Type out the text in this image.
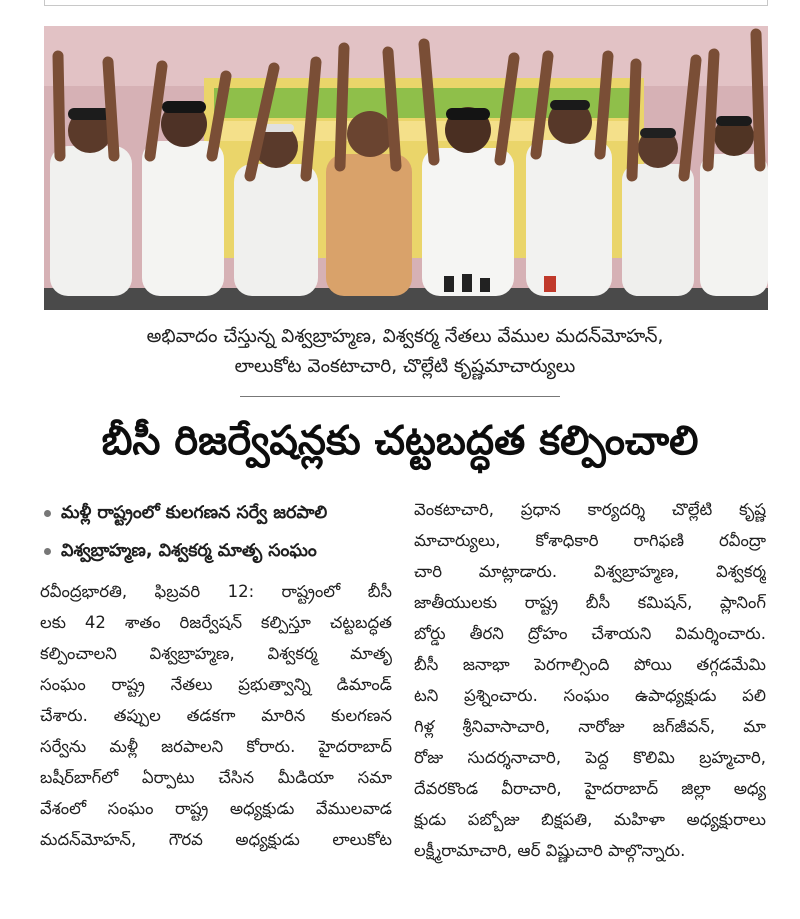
అభివాదం చేస్తున్న విశ్వబ్రాహ్మణ, విశ్వకర్మ నేతలు వేముల మదన్‌మోహన్,
లాలుకోట వెంకటాచారి, చొల్లేటి కృష్ణమాచార్యులు
బీసీ రిజర్వేషన్లకు చట్టబద్ధత కల్పించాలి
మళ్లీ రాష్ట్రంలో కులగణన సర్వే జరపాలి
విశ్వబ్రాహ్మణ, విశ్వకర్మ మాతృ సంఘం
రవీంద్రభారతి, ఫిబ్రవరి 12: రాష్ట్రంలో బీసీ
లకు 42 శాతం రిజర్వేషన్ కల్పిస్తూ చట్టబద్ధత
కల్పించాలని విశ్వబ్రాహ్మణ, విశ్వకర్మ మాతృ
సంఘం రాష్ట్ర నేతలు ప్రభుత్వాన్ని డిమాండ్
చేశారు. తప్పుల తడకగా మారిన కులగణన
సర్వేను మళ్లీ జరపాలని కోరారు. హైదరాబాద్
బషీర్‌బాగ్‌లో ఏర్పాటు చేసిన మీడియా సమా
వేశంలో సంఘం రాష్ట్ర అధ్యక్షుడు వేములవాడ
మదన్‌మోహన్, గౌరవ అధ్యక్షుడు లాలుకోట
వెంకటాచారి, ప్రధాన కార్యదర్శి చొల్లేటి కృష్ణ
మాచార్యులు, కోశాధికారి రాగిఫణి రవీంద్రా
చారి మాట్లాడారు. విశ్వబ్రాహ్మణ, విశ్వకర్మ
జాతీయులకు రాష్ట్ర బీసీ కమిషన్, ప్లానింగ్
బోర్డు తీరని ద్రోహం చేశాయని విమర్శించారు.
బీసీ జనాభా పెరగాల్సింది పోయి తగ్గడమేమి
టని ప్రశ్నించారు. సంఘం ఉపాధ్యక్షుడు పలి
గిళ్ల శ్రీనివాసాచారి, నారోజు జగ్‌జీవన్, మా
రోజు సుదర్శనాచారి, పెద్ద కొలిమి బ్రహ్మచారి,
దేవరకొండ వీరాచారి, హైదరాబాద్ జిల్లా అధ్య
క్షుడు పబ్బోజు బిక్షపతి, మహిళా అధ్యక్షురాలు
లక్ష్మీరామాచారి, ఆర్ విష్ణుచారి పాల్గొన్నారు.
